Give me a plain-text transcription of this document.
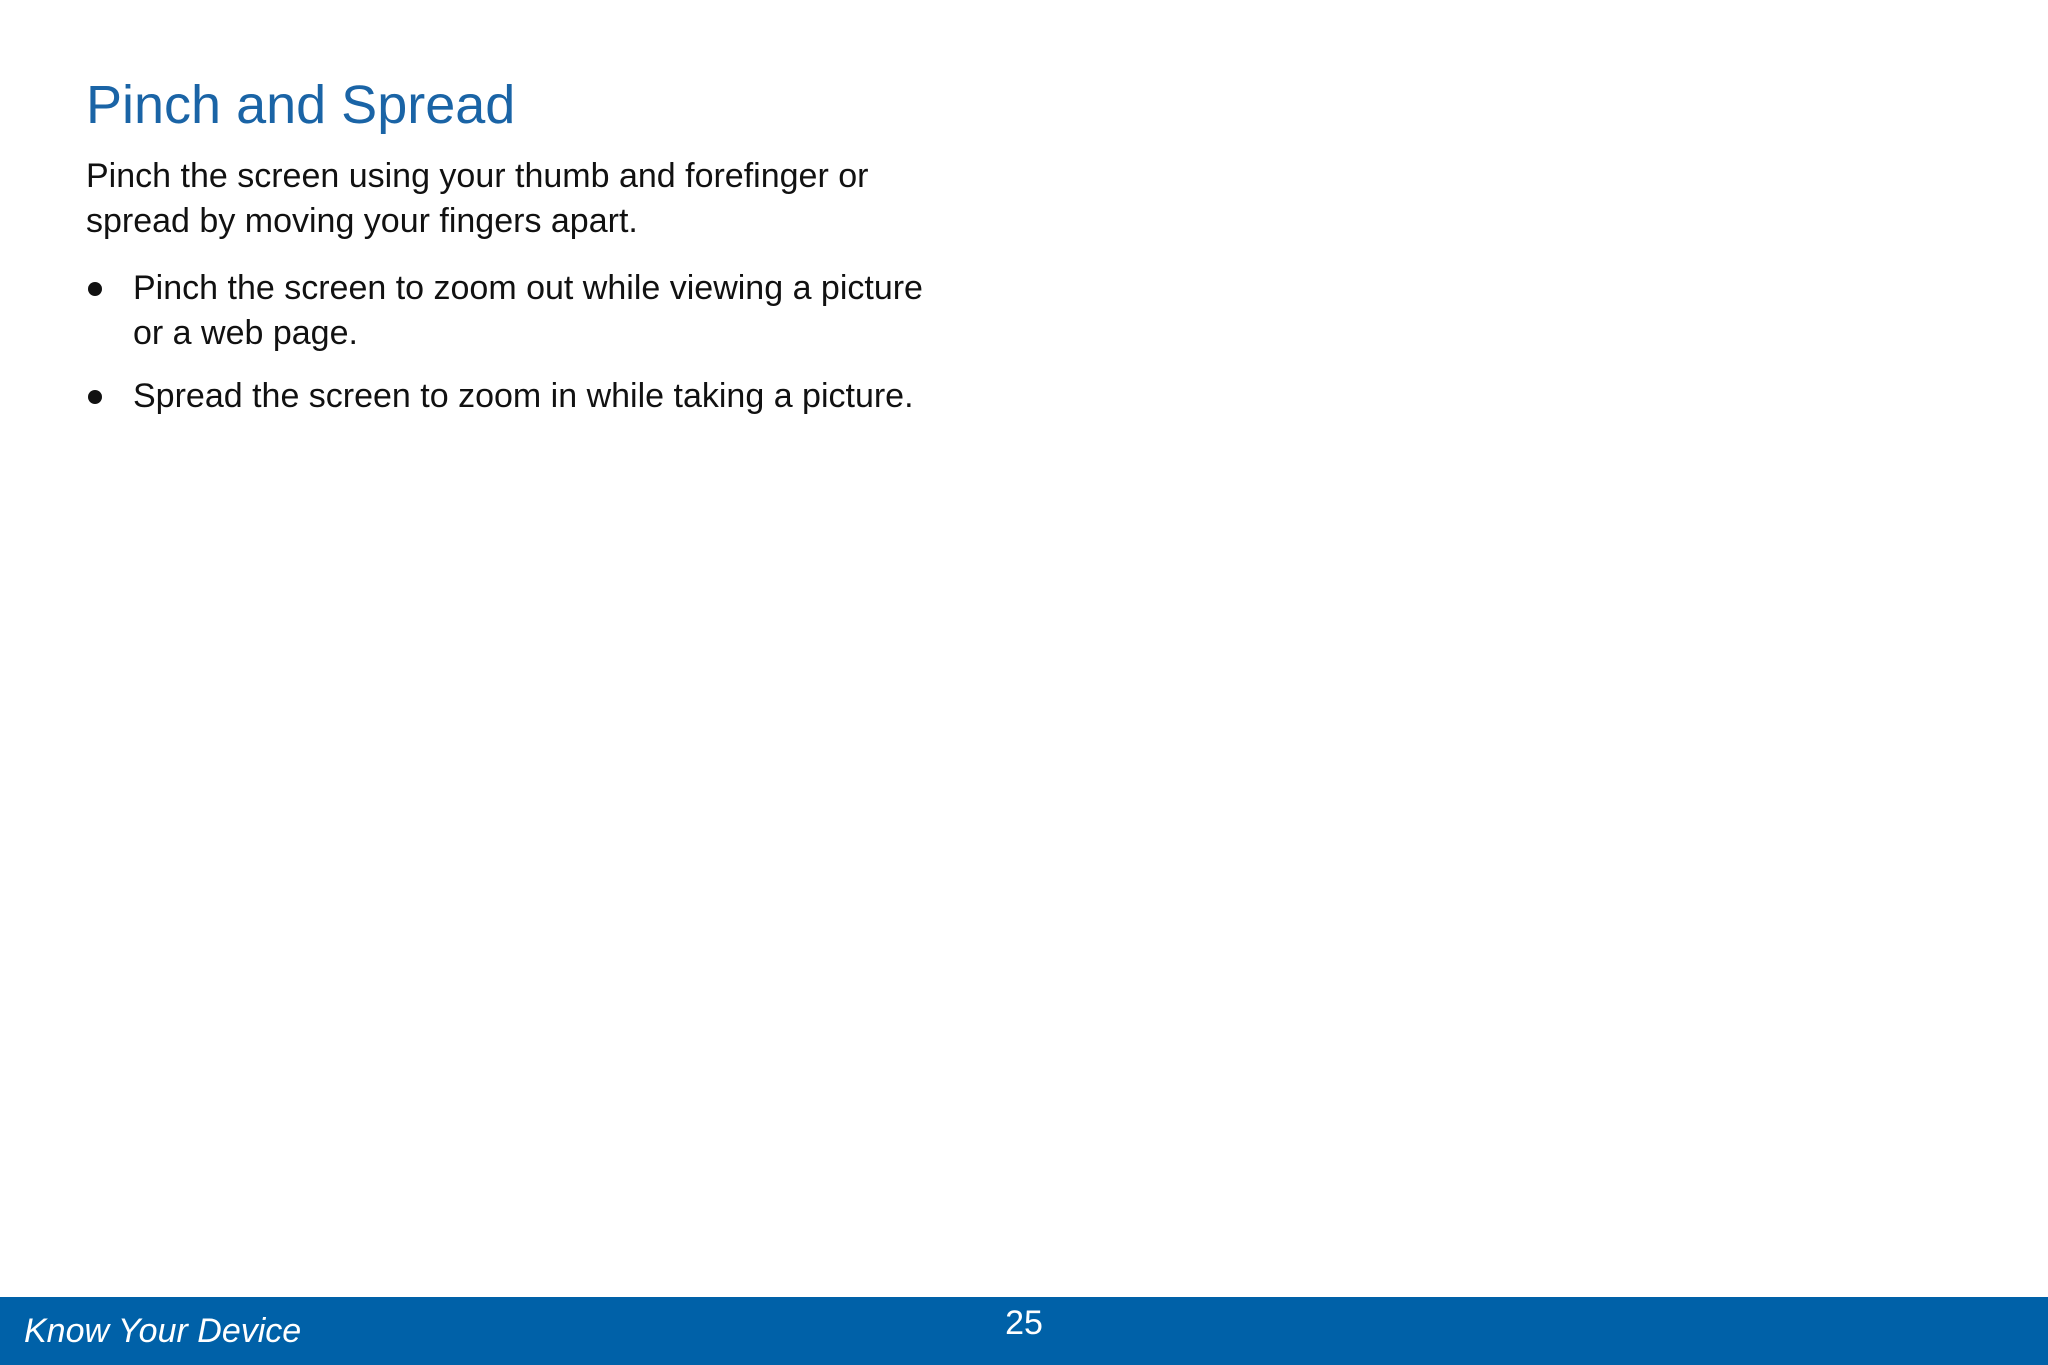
Pinch and Spread

Pinch the screen using your thumb and forefinger or spread by moving your fingers apart.

Pinch the screen to zoom out while viewing a picture or a web page.
Spread the screen to zoom in while taking a picture.
Know Your Device	25
